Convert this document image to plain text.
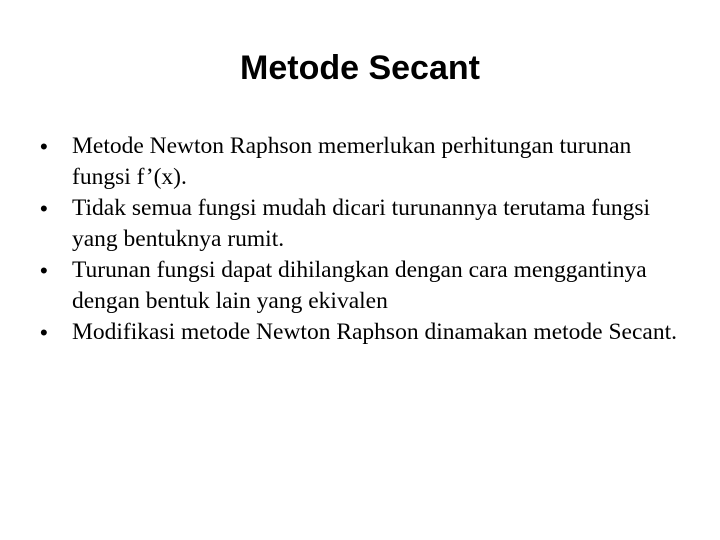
Metode Secant
• Metode Newton Raphson memerlukan perhitungan turunan fungsi f’(x).
• Tidak semua fungsi mudah dicari turunannya terutama fungsi yang bentuknya rumit.
• Turunan fungsi dapat dihilangkan dengan cara menggantinya dengan bentuk lain yang ekivalen
• Modifikasi metode Newton Raphson dinamakan metode Secant.
